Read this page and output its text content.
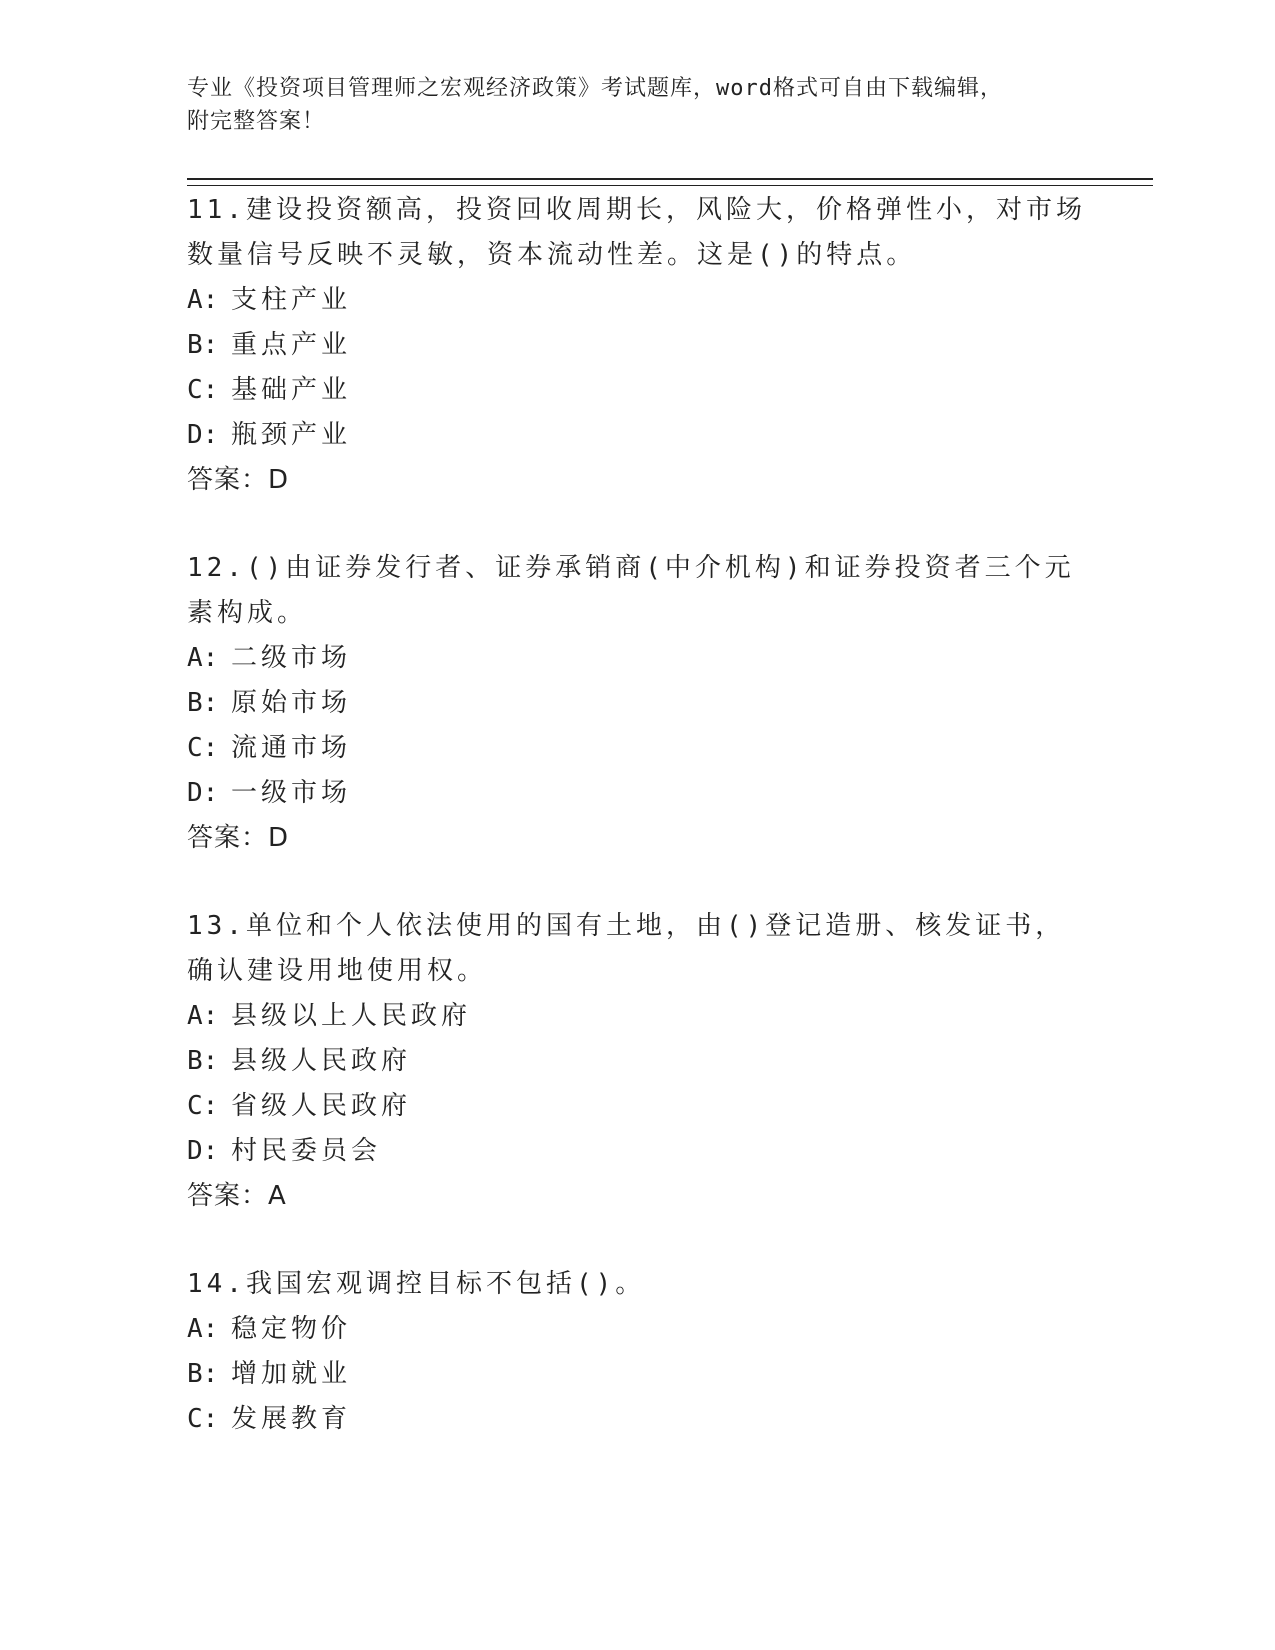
专业《投资项目管理师之宏观经济政策》考试题库，word格式可自由下载编辑，
附完整答案！

11.建设投资额高，投资回收周期长，风险大，价格弹性小，对市场数量信号反映不灵敏，资本流动性差。这是()的特点。

A: 支柱产业
B: 重点产业
C: 基础产业
D: 瓶颈产业
答案：D

12.()由证券发行者、证券承销商(中介机构)和证券投资者三个元素构成。

A: 二级市场
B: 原始市场
C: 流通市场
D: 一级市场
答案：D

13.单位和个人依法使用的国有土地，由()登记造册、核发证书，确认建设用地使用权。

A: 县级以上人民政府
B: 县级人民政府
C: 省级人民政府
D: 村民委员会
答案：A

14.我国宏观调控目标不包括()。

A: 稳定物价
B: 增加就业
C: 发展教育
